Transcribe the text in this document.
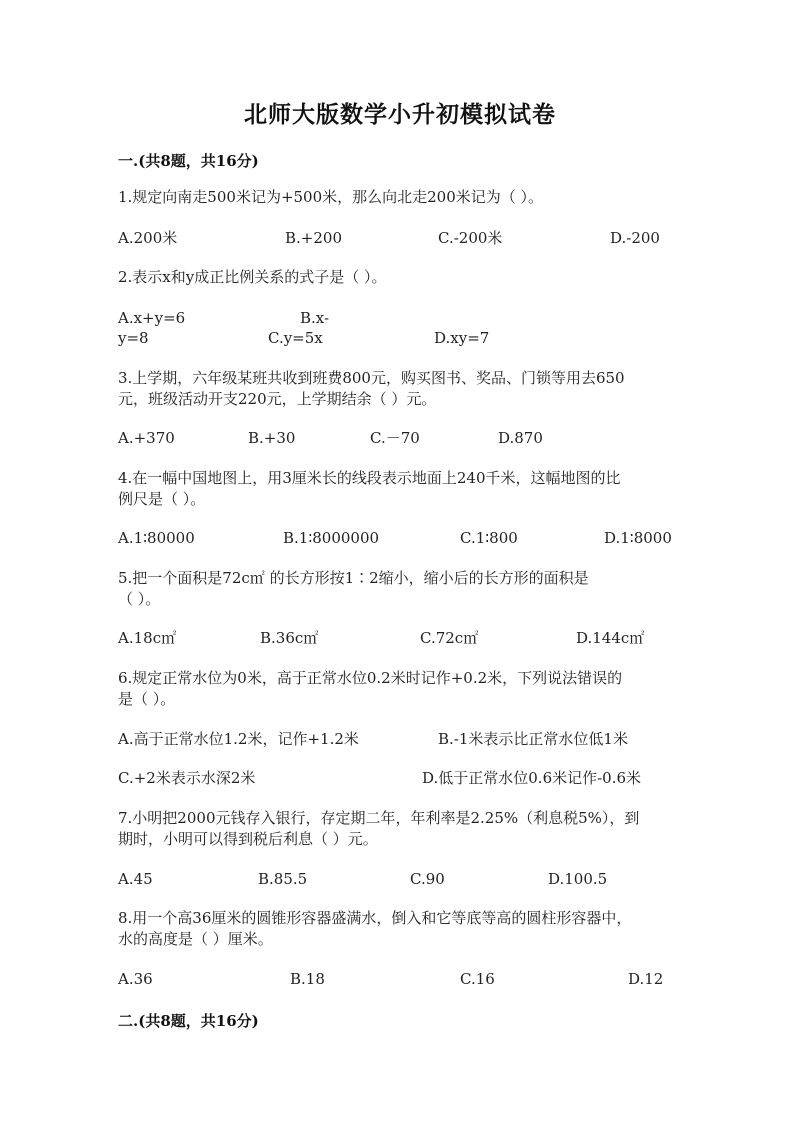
北师大版数学小升初模拟试卷
一.(共8题，共16分)
1.规定向南走500米记为+500米，那么向北走200米记为（ ）。
A.200米	B.+200	C.-200米	D.-200
2.表示x和y成正比例关系的式子是（ ）。
A.x+y=6	B.x-
y=8	C.y=5x	D.xy=7
3.上学期，六年级某班共收到班费800元，购买图书、奖品、门锁等用去650
元，班级活动开支220元，上学期结余（ ）元。
A.+370	B.+30	C.－70	D.870
4.在一幅中国地图上，用3厘米长的线段表示地面上240千米，这幅地图的比
例尺是（ ）。
A.1∶80000	B.1∶8000000	C.1∶800	D.1∶8000
5.把一个面积是72c㎡ 的长方形按1∶2缩小，缩小后的长方形的面积是
（ ）。
A.18c㎡	B.36c㎡	C.72c㎡	D.144c㎡
6.规定正常水位为0米，高于正常水位0.2米时记作+0.2米，下列说法错误的
是（ ）。
A.高于正常水位1.2米，记作+1.2米	B.-1米表示比正常水位低1米
C.+2米表示水深2米	D.低于正常水位0.6米记作-0.6米
7.小明把2000元钱存入银行，存定期二年，年利率是2.25%（利息税5%），到
期时，小明可以得到税后利息（ ）元。
A.45	B.85.5	C.90	D.100.5
8.用一个高36厘米的圆锥形容器盛满水，倒入和它等底等高的圆柱形容器中，
水的高度是（ ）厘米。
A.36	B.18	C.16	D.12
二.(共8题，共16分)
